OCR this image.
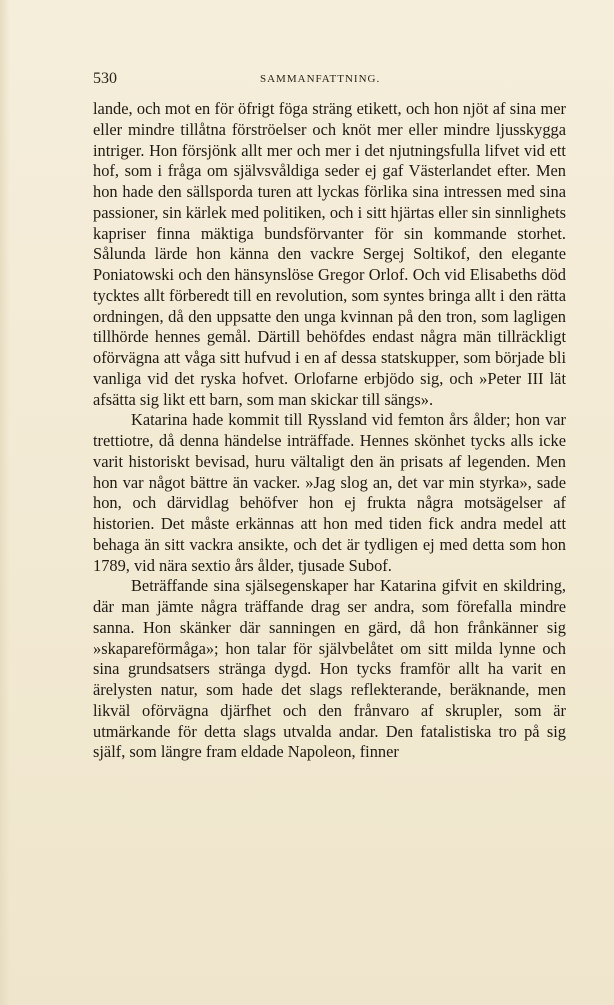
530	SAMMANFATTNING.

lande, och mot en för öfrigt föga sträng etikett, och hon njöt af sina mer eller mindre tillåtna förströelser och knöt mer eller mindre ljusskygga intriger. Hon försjönk allt mer och mer i det njutningsfulla lifvet vid ett hof, som i fråga om självsvåldiga seder ej gaf Västerlandet efter. Men hon hade den sällsporda turen att lyckas förlika sina intressen med sina passioner, sin kärlek med politiken, och i sitt hjärtas eller sin sinnlighets kapriser finna mäktiga bundsförvanter för sin kommande storhet. Sålunda lärde hon känna den vackre Sergej Soltikof, den elegante Poniatowski och den hänsynslöse Gregor Orlof. Och vid Elisabeths död tycktes allt förberedt till en revolution, som syntes bringa allt i den rätta ordningen, då den uppsatte den unga kvinnan på den tron, som lagligen tillhörde hennes gemål. Därtill behöfdes endast några män tillräckligt oförvägna att våga sitt hufvud i en af dessa statskupper, som började bli vanliga vid det ryska hofvet. Orlofarne erbjödo sig, och »Peter III lät afsätta sig likt ett barn, som man skickar till sängs».

Katarina hade kommit till Ryssland vid femton års ålder; hon var trettiotre, då denna händelse inträffade. Hennes skönhet tycks alls icke varit historiskt bevisad, huru vältaligt den än prisats af legenden. Men hon var något bättre än vacker. »Jag slog an, det var min styrka», sade hon, och därvidlag behöfver hon ej frukta några motsägelser af historien. Det måste erkännas att hon med tiden fick andra medel att behaga än sitt vackra ansikte, och det är tydligen ej med detta som hon 1789, vid nära sextio års ålder, tjusade Subof.

Beträffande sina själsegenskaper har Katarina gifvit en skildring, där man jämte några träffande drag ser andra, som förefalla mindre sanna. Hon skänker där sanningen en gärd, då hon frånkänner sig »skapareförmåga»; hon talar för självbelåtet om sitt milda lynne och sina grundsatsers stränga dygd. Hon tycks framför allt ha varit en ärelysten natur, som hade det slags reflekterande, beräknande, men likväl oförvägna djärfhet och den frånvaro af skrupler, som är utmärkande för detta slags utvalda andar. Den fatalistiska tro på sig själf, som längre fram eldade Napoleon, finner
